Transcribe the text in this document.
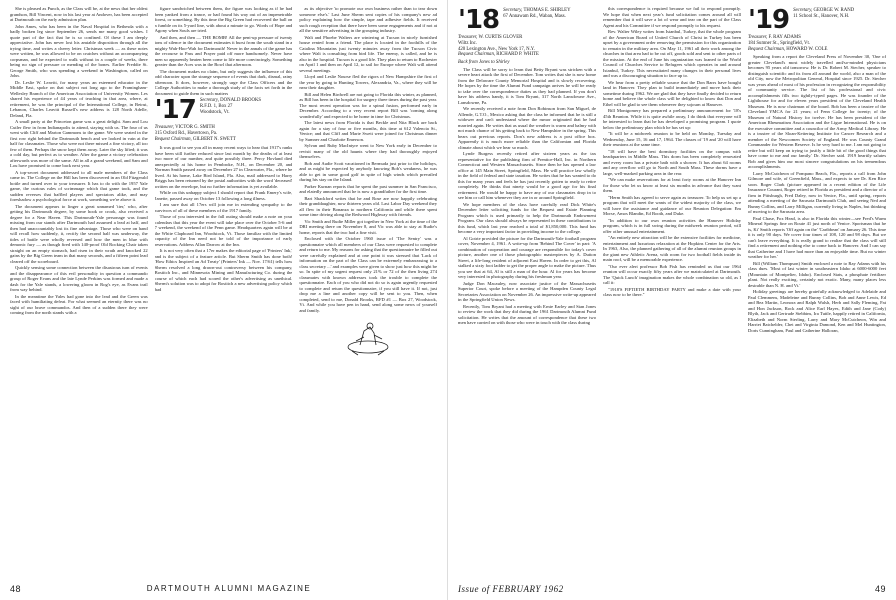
She is pleased as Punch, as the Class will be, at the news that her oldest grandson, Bill Vincent, now in his last year at Andover, has been accepted at Dartmouth on the early admission plan.

John Ames, who has been in the Naval Hospital in Bethesda with a badly broken leg since September 26, sends me many good wishes. I quote part of the fact that he is so confined. Of these I am deeply appreciative. John has never lost his amiable disposition through all the trying time, and writes a cheery letter. Christmas week — as these notes were written, he was allowed to be on crutches without an accompanying corpsman, and he expected to walk without in a couple of weeks, there being no sign of pressure or mending of the bones. Earlier Freddie St. George Smith, who was spending a weekend in Washington, called on John.

Dr. Leslie W. Leavitt, for many years an esteemed educator in the Middle East, spoke on that subject not long ago to the Framingham-Wellesley Branch of the American Association of University Women. Les shared his experience of 44 years of teaching in that area, where, at retirement, he was the principal of the International College, in Beirut, Lebanon, Charles Leavitt Russell's new address is 128 North Adelle, Deland, Fla.

A small party at the Princeton game was a great delight. Sam and Lou Cutler flew in from Indianapolis to attend, staying with us. The four of us went with Cliff and Marion Gammons to the game. We were seated in the first row right behind the Dartmouth bench and we looked in vain at the half for classmates. Those who were not there missed a fine victory, all too few of them. Perhaps the snow kept them away. Later the sky lifted; it was a cold day, but perfect as to weather. After the game a victory celebration afterwards was more of the same. All in all a grand weekend, and Sam and Lou have promised to come back next year.

A top-secret document addressed to all male members of the Class came in. The College on the Hill has been discovered in an Old Fitzgerald bottle and turned over to your treasurer. It has to do with the 1957 Yale game, the curious rules of scrimmage which that game took, and the sudden reverses that baffled players and spectators alike, and may foreshadow a psychological force at work, something we're above it.

The document appears to linger a great unnamed 'tier,' who, after getting his Dartmouth degree, by some hook or crook, also received a degree for a Near Haven. This Dartmouth-Yale personage was found missing from our stands after Dartmouth had assumed a lead at half, and then had unaccountably lost its fine advantage. Those who were on hand will recall how suddenly, it, rectify the second half was underway, the tides of battle were wholly reversed and how the men in blue with demonic fury — as though fired with 140-proof Old Rocking Chair taken straight on an empty stomach, had risen in their wrath and knocked 22 gains by the Big Green team in that many seconds, and a fifteen point lead cleared off the scoreboard.

Quickly sensing some connection between the disastrous turn of events and the disappearance of this evil personality in question a commando group of Roger Evans and the late Lynde Perkins was formed and made a dash for the Yale stands, a lowering gloom in Rog's eye, as Evans trail from way behind.

In the meantime the Yales had gone into the lead and the Green was faced with humiliating defeat. For what seemed an eternity there was no sight of our brave commandos. And then of a sudden there they were coming from the north stands with a

figure sandwiched between them, the figure was looking as if he had been yanked from a trance, or had found his way out of an impenetrable forest, or something. By this time the Big Green had recovered the ball on a fumble on its 5-yard line, with about a minute to go. Words of Hope and Agony when Souls are tried.

And then, and then — THE BOMB! All the pent-up pressure of twenty tons of silence in the document estimates it burst from the south stand in a mighty Wah-Hoo-Wah for Dartmouth! Never in the annals of the game has the recourse to Pass and Prayer paid off more handsomely. Never have men so apparently beaten been come to life more convincingly. Something greater than the Aces was in the Bowl that afternoon.

The document makes no claim, but only suggests the influence of this odd character upon the strange sequence of events that dark, dismal, rainy afternoon. It does, however, strongly urge the Class Officers and the College Authorities to make a thorough study of the facts set forth in the document to guide them in such matters

'17 Secretary, DONALD BROOKS
R.F.D. 1, Box 27
Woodstock, Vt.
Treasurer, VICTOR G. SMITH
315 Oxford Rd., Havertown, Pa.
Bequest Chairman, GILBERT N. SWETT

It was good to see you all in many recent ways to hear that 1917's ranks have been still further reduced since last month by the deaths of at least two more of our number, and quite possibly three. Percy Hovland died unexpectedly at his home in Pembroke, N.H., on December 20, and Norman Smith passed away on December 27 in Clearwater, Fla., where he lived. At his home, Lake Bird Island, Fla. Also, mail addressed to Harry Briggs has been returned by the postal authorities with the word 'deceased' written on the envelope, but no further information is yet available.

While on this unhappy subject I should report that Frank Emery's wife, Janette, passed away on October 13 following a long illness.

I am sure that all 17ers will join me in extending sympathy to the survivors of all of these members of the 1917 family.

Those of you interested in the fall outing should make a note on your calendars that this year the event will take place over the October 5-6 and 7 weekend, the weekend of the Penn game. Headquarters again will be at the White Clapboard Inn, Woodstock, Vt. Those familiar with the limited capacity of the Inn need not be told of the importance of early reservations. Address Allan Darrow at the Inn.

It is not very often that a 17er makes the editorial page of 'Printers' Ink,' and is the subject of a feature article. But Sherm Smith has done both! 'How Ethics Inspired an Ad Treaty' (Printers' Ink — Nov. 17/61) tells how Sherm resolved a long drawn-out controversy between his company, Bostitch Inc., and Minnesota Mining and Manufacturing Co. during the course of which each had scored the other's advertising as unethical. Sherm's solution was to adopt for Bostitch a new advertising policy which had

as its objective 'to promote our own business rather than to tear down someone else's.' Last June Sherm sent copies of his company's new ad policy explaining how the simple, tape and adhesive fields. It received such rough reception that there have been some engagements and if not at all the sensitive advertising in the grouping industry.

Walt and Phoebe Walters are wintering at Tucson in nicely furnished house rented from a friend. The place is located in the foothills of the Catalina Mountains just twenty minutes away from the Tucson Civic where Walt is consulting from bird life. The enemy, is called, and he is also in the hospital. Tucson is a good life. They plan to return to Rochester on April 1 and then on April 12, to sail for Europe where Walt will attend several meetings.

Lloyd and Leslie Nourse fled the rigors of New Hampshire the first of the year by going to Hunting Towers, Alexandria, Va., where they will be near their daughter.

Bill and Helen Birdwell are not going to Florida this winter, as planned, as Bill has been in the hospital for surgery three times during the past year. The most recent operation was for a spinal fusion, performed early in December. According to a very recent report Bill was 'coming along wonderfully' and expected to be home in time for Christmas.

The latest news from Florida is that Beckle and Nita Black are back again for a stay of four or five months, this time at 612 Valencia St., Venice; and that Cliff and Marie Swett were joined for Christmas dinner by Sumner and Charlotte Emerson.

Sylvan and Ruby MacIntyre went to New York early in December to revisit many of the old haunts where they had thoroughly enjoyed themselves.

Bob and Audie Scott vacationed in Bermuda just prior to the holidays, and as might be expected by anybody knowing Bob's weakness, he was able to get in some good golf in spite of high winds which prevailed during his stay on the Island.

Parker Kurnan reports that he spent the past summer in San Francisco, and elatedly announced that he is now a grandfather for the first time.

Bart Shackford writes that he and Rose are now happily celebrating their granddaughter, now thirteen years old. Last Labor Day weekend they all flew in their Bonanza to northern California and while there spent some time driving along the Redwood Highway with friends.

Vic Smith and Rudie Miller got together in New York at the time of the DRI meeting there on November 8, and Vic was able to stay at Rudie's home, reports that the two had a fine visit.

Enclosed with the October 1960 issue of 'The Sentry' was a questionnaire which all members of our Class were requested to complete and return to me. My reasons for asking that the questionnaire be filled out were carefully explained and at one point it was stressed that 'Lack of information on the part of the Class can be extremely embarrassing to a class secretary ...' and examples were given to show just how this might be so. In spite of my urgent request only 21% or 72 of the then living 274 classmates with known addresses took the trouble to complete the questionnaire. Each of you who did not do so is again urgently requested to complete and return the questionnaire, if you still have it. If not, just drop me a line and another copy will be sent to you. Then, when completed, send to me, Donald Brooks, RFD #1 — Box 27, Woodstock, Vt. And while you have pen in hand, send along some news of yourself and family.

48	DARTMOUTH ALUMNI MAGAZINE
'18 Secretary, THOMAS E. SHIRLEY
67 Annawam Rd., Waban, Mass.
Treasurer, W. CURTIS GLOVER
Wiltz Inc.
420 Lexington Ave., New York 17, N.Y.
Bequest Chairman, RICHARD P. WHITE

Back from Jones to Shirley

The Class will be sorry to learn that Betty Bryant was stricken with a severe heart attack the first of December. Tom writes that she is now home from the Delaware County Memorial Hospital and is slowly recovering. He hopes by the time the Alumni Fund campaign arrives he will be ready to take over the correspondence duties as they had planned. If you don't have his address handy, it is Tom Bryant, 317 North Lansdowne Ave., Lansdowne, Pa.

We recently received a note from Don Robinson from San Miguel, de Allende, G.T.O., Mexico asking that the class be informed that he is still a widower and can't understand where the rumor originated that he had married again. He writes that as usual the weather is warm and balmy with not much chance of his getting back to New Hampshire in the spring. This bears out previous reports. Don's new address is a post office box. Apparently it is much more reliable than the Californian and Florida climate about which we hear so much.

Lynde Burgess recently retired after sixteen years as the tax representative for the publishing firm of Prentice-Hall, Inc. in Northern Connecticut and Western Massachusetts. Since then he has opened a law office at 145 Main Street, Springfield, Mass. He will practice law wholly in the field of federal and state taxation. He writes that he has wanted to do this for many years and feels he has just recently gotten to ready to retire completely. He thinks that ninety would be a good age for his final retirement. He would be happy to have any of our classmates drop in to see him or call him whenever they are in or around Springfield.

We hope members of the class have carefully read Dick White's December letter soliciting funds for the Bequest and Estate Planning Program which is used primarily to help the Dartmouth Endowment Program. Our class should always be represented in these contributions to this fund, which last year reached a total of $1,850,000. This fund has become a very important factor in providing income to the college.

Al Gotrie provided the picture for the Dartmouth-Yale football program cover, November 4, 1961. A write-up from 'Behind The Cover' in part: 'A combination of cooperation and courage are responsible for today's cover picture, another one of those photographic masterpieces by A. Dutton Street, a life-long resident of adjacent East Haven. In order to get this, Al stalked a sixty foot ladder to get the proper angle to make the picture. Thus you see that at 64, Al is still a man of the hour. Al for years has become very interested in photography during his freshman year.

Judge Don Macauley, now associate justice of the Massachusetts Superior Court, spoke before a meeting of the Hampden County Legal Secretaries Association on November 26. An impressive write-up appeared in the Springfield Union News.

Recently, Tom Bryant had a meeting with Ernie Earley and Stan Jones to review the work that they did during the 1961 Dartmouth Alumni Fund solicitation. He writes that the amount of correspondence that these two men have carried on with those who were in touch with the class during

this correspondence is required because we fail to respond promptly. We hope that when next year's fund solicitation comes around all will remember that it will save a lot of wear and tear on the part of the Class Agent and his Committee if we respond promptly to his request.

Rev. Walter Wiley writes from Istanbul, Turkey, that the whole program of the American Board of United Church of Christ in Turkey has been upset by a government order removing the permission for this organization to remain in the military area. On May 11, 1961 all their work among the churches in that area had to be cut off, goods sold and sent to other parts of the mission. At the end of June his organization was loaned to the World Council of Churches Service to Refugees which operates in and around Istanbul, Turkey. This necessitated many changes in their personal lives and was a discouraging situation to face up to.

We hear from a pretty reliable source that the Don Barrs have bought land in Hanover. They plan to build immediately and move back their sometime during 1962. We are glad that they have finally decided to return home and believe the whole class will be delighted to know that Don and Ethel will be glad to see them whenever they sojourn at Hanover.

Bill Montgomery has prepared a preliminary announcement for '18's 45th Reunion. While it is quite awhile away, I do think that everyone will be interested to learn that he has developed a promising program. I quote below the preliminary plan which he has set up:

"It will be a midweek reunion to be held on Monday, Tuesday and Wednesday, June 15, 16 and 17, 1964. The classes of '19 and '20 will have their reunions at the same time.

"18 will have the best dormitory facilities on the campus with headquarters in Middle Mass. This dorm has been completely renovated and every room has a private bath with a shower. It has about 64 rooms and any overflow will go to North and South Mass. These dorms have a large, well-marked parking area in the rear.

"We can make reservations for at least forty rooms at the Hanover Inn for those who let us know at least six months in advance that they want them.

"Herm Smith has agreed to serve again as treasurer. To help us set up a program that will meet the wants of the widest majority of the class, we will have the assistance and guidance of our Reunion Delegation: Em Morse, Amos Blandin, Ed Booth, and Duke.

"In addition to our own reunion activities the Hanover Holiday program, which is in full swing during the midweek reunion period, will offer other unusual entertainment.

"An entirely new attraction will be the extensive facilities for medicine, entertainment and luxurious relaxation at the Hopkins Center for the Arts. In 1963, Also, the planned gathering of all of the alumni reunion groups in the giant new Athletic Arena, with room for two football fields inside its main roof, will be a memorable experience.

"Our ever alert professor Bob Fish has reminded us that our 1964 reunion will occur exactly fifty years after we matriculated at Dartmouth. The 'Quick Lunch' imagination makes the whole combination so old, as I call it:

"1918'S FIFTIETH BIRTHDAY PARTY and make a date with your class now to be there."

'19 Secretary, GEORGE W. RAND
11 School St., Hanover, N.H.
Treasurer, F. RAY ADAMS
184 Sumner St., Springfield, Vt.
Bequest Chairman, HOWARD W. COLE

Speaking from a report the Cleveland Press of November 30, 'One of greater Cleveland's most widely travelled and/so-minded physicians becomes 95 years old tomorrow. He is Dr. Robert M. Stecher, speaker to distinguish scientific and its from all around the world, also a man of the old City, now the Metropolitan General, Hospital since 1925. Dr. Stecher was years ahead of most of his profession in recognizing the responsibility of community service. The list of his professional and civic accomplishments fills two tightly-typed pages. He was founder of the Lighthouse for and for eleven years president of the Cleveland Health Museum. He is now chairman of the board. Bob has been a trustee of the Cleveland YMCA for 21 years; of Fenn College for twenty; of the Museum of Natural History for twelve. He has been president of the American Rheumatism Association and the Ligue International. He is on the executive committee and a councilor of the Army Medical Library. He is a trustee of the Sloan-Kettering Institute for Cancer Research and a member of the Newcomen Society of England. He was County Grand Commander for Western Reserve. Is he very hard to me. I am not going to retire but will keep on trying to justify a little bit of the good things that have come to me and our family.' Dr. Stecher said. 1919 heartily salutes Bob and gives him our most sincere congratulations on his tremendous accomplishments.

Larry McCutcheon of Pompano Beach, Fla., reports a call from John Gilmore and wife, of Greenfield, Mass., and expects to see Dr. Ken Rice soon. Roger Clark (picture appeared in a recent edition of the Life Insurance Courant, Roger retired in Florida as president and a director of a firm in Pittsburgh, Fred Daley, now in Venice, Fla., until spring, reports attending a meeting of the Sarasota Dartmouth Club, and seeing Ned and Bunny Collins, and Larry Milligan, currently living in Naples, but thinking of moving to the Sarasota area.

Paul Chase, Fox Head, is also in Florida this winter—see Fred's Warm Mineral Springs fine on Route 41 just north of Venice. Sportsman that he is, Ki' Smith reports 'Off again on the' 'Caribbean' on January 26. This time it is only 90 days. We cover four times of 108, 120 and 98 days. But we can't leave everything. It is really grand to realize that the class will still find a retirement and nothing else to come back to Hanover. And I can say that Catherine and I have had more than an enjoyable time. But no winter weather for her.'

Bill (William Thompson) Smith enclosed a note to Ray Adams with his class dues. 'Most of last winter in southeastern Idaho at 6000-6000 feet (Mountain of Montpelier, Idaho). Enclosed Stats, a phosphate fertilizer plant. Not really exciting, certainly not exotic. Many, many places less desirable than N. H. and Vt.'

Holiday greetings are hereby gratefully acknowledged to Adelaide and Paul Clemmens, Madeleine and Bunny Collins, Bob and Anne Lewis, Ed and Bea Martin, Leonora and Ralph Walsh, Herb and Sally Fleming, Fat and Hon Jackson, Rock and Alice Earl Hayes, Edith and Jane (Cody) Blyth, Jack and Gertrude Stebbins, Ira Tuttle, happily retired in California, Elizabeth and Norm Sterling, Larry and Mary McCutcheon, Win and Harriet Batchelder, Chet and Virginia Damond, Ken and Mel Huntington, Doris Cunningham, Paul and Catherine Halloran,

Issue of FEBRUARY 1962	49
